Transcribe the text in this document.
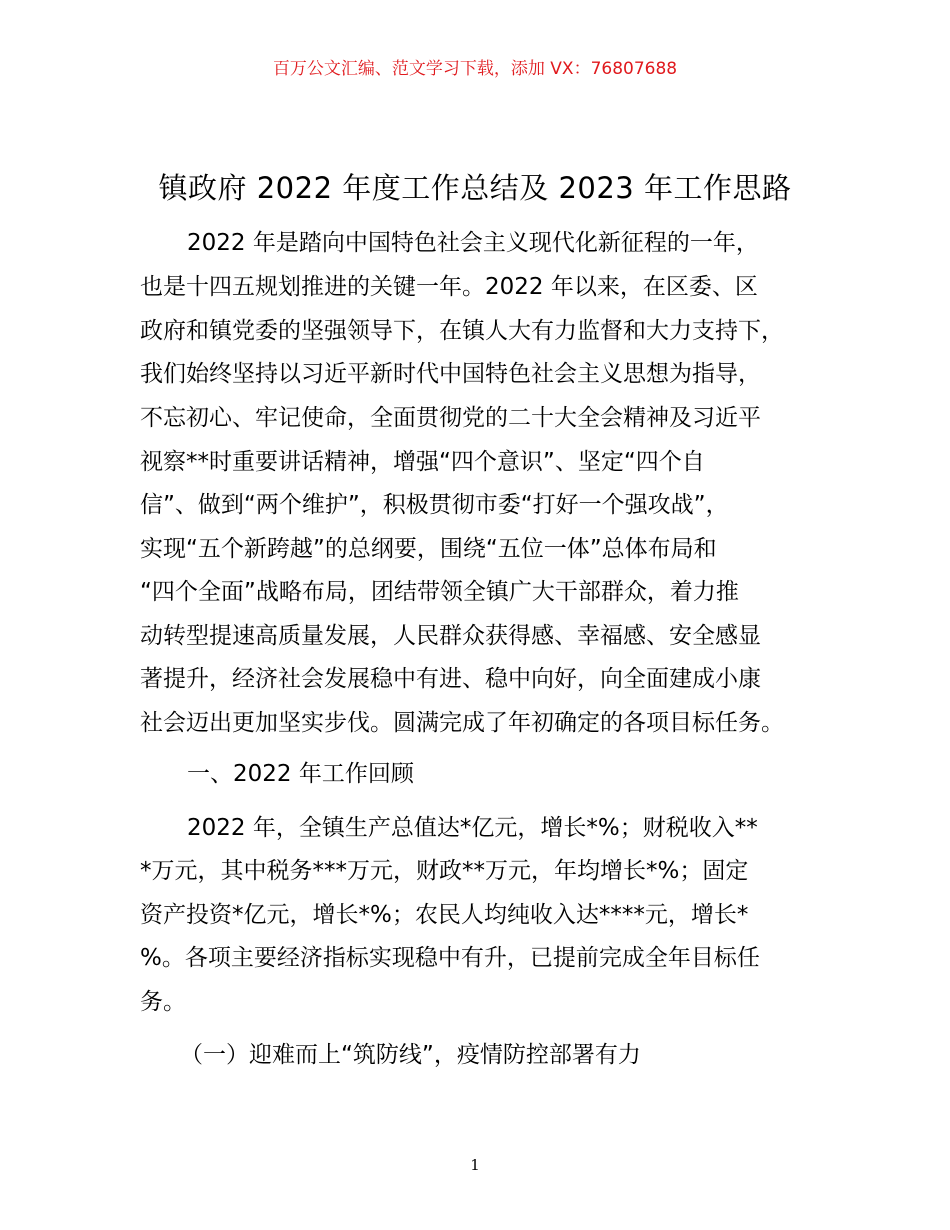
百万公文汇编、范文学习下载，添加 VX：76807688
镇政府 2022 年度工作总结及 2023 年工作思路
2022 年是踏向中国特色社会主义现代化新征程的一年，
也是十四五规划推进的关键一年。2022 年以来，在区委、区
政府和镇党委的坚强领导下，在镇人大有力监督和大力支持下，
我们始终坚持以习近平新时代中国特色社会主义思想为指导，
不忘初心、牢记使命，全面贯彻党的二十大全会精神及习近平
视察**时重要讲话精神，增强“四个意识”、坚定“四个自
信”、做到“两个维护”，积极贯彻市委“打好一个强攻战”，
实现“五个新跨越”的总纲要，围绕“五位一体”总体布局和
“四个全面”战略布局，团结带领全镇广大干部群众，着力推
动转型提速高质量发展，人民群众获得感、幸福感、安全感显
著提升，经济社会发展稳中有进、稳中向好，向全面建成小康
社会迈出更加坚实步伐。圆满完成了年初确定的各项目标任务。
一、2022 年工作回顾
2022 年，全镇生产总值达*亿元，增长*%；财税收入**
*万元，其中税务***万元，财政**万元，年均增长*%；固定
资产投资*亿元，增长*%；农民人均纯收入达****元，增长*
%。各项主要经济指标实现稳中有升，已提前完成全年目标任
务。
（一）迎难而上“筑防线”，疫情防控部署有力
1
